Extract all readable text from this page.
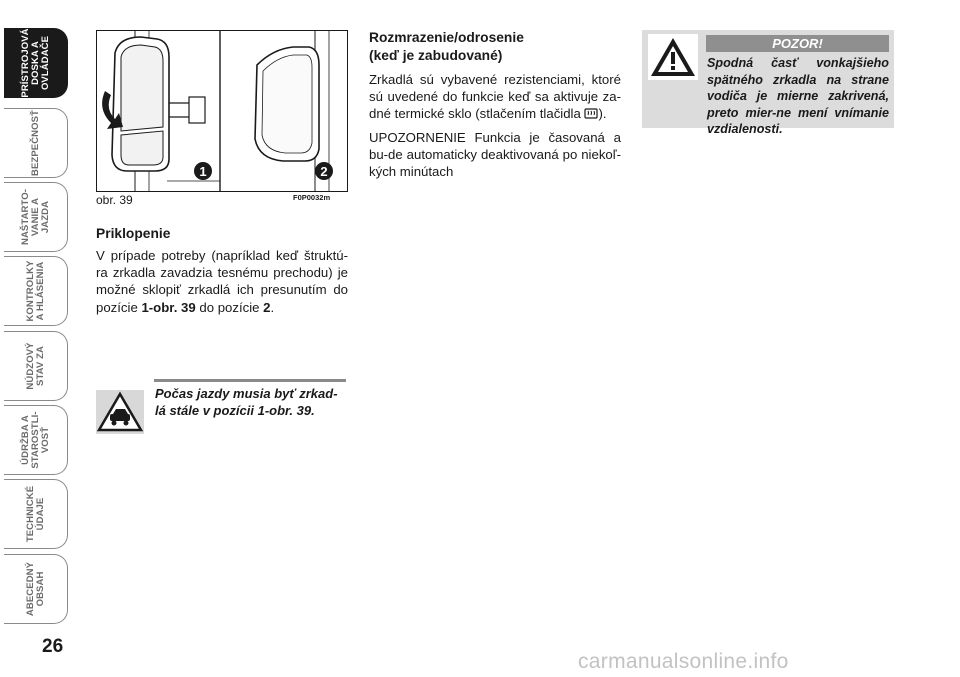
PRÍSTROJOVÁ
DOSKA A
OVLÁDAČE
BEZPEČNOSŤ
NAŠTARTO-
VANIE A
JAZDA
KONTROLKY
A HLÁSENIA
NÚDZOVÝ
STAV ZA
ÚDRŽBA A
STAROSTLI-
VOSŤ
TECHNICKÉ
ÚDAJE
ABECEDNÝ
OBSAH
26
carmanualsonline.info
1	2
obr. 39	F0P0032m
Priklopenie
V prípade potreby (napríklad keď štruktú-ra zrkadla zavadzia tesnému prechodu) je možné sklopiť zrkadlá ich presunutím do pozície 1-obr. 39 do pozície 2.
Počas jazdy musia byť zrkad-lá stále v pozícii 1-obr. 39.
Rozmrazenie/odrosenie
(keď je zabudované)
Zrkadlá sú vybavené rezistenciami, ktoré sú uvedené do funkcie keď sa aktivuje za-dné termické sklo (stlačením tlačidla ).
UPOZORNENIE Funkcia je časovaná a bu-de automaticky deaktivovaná po niekoľ-kých minútach
POZOR!
Spodná časť vonkajšieho spätného zrkadla na strane vodiča je mierne zakrivená, preto mier-ne mení vnímanie vzdialenosti.
